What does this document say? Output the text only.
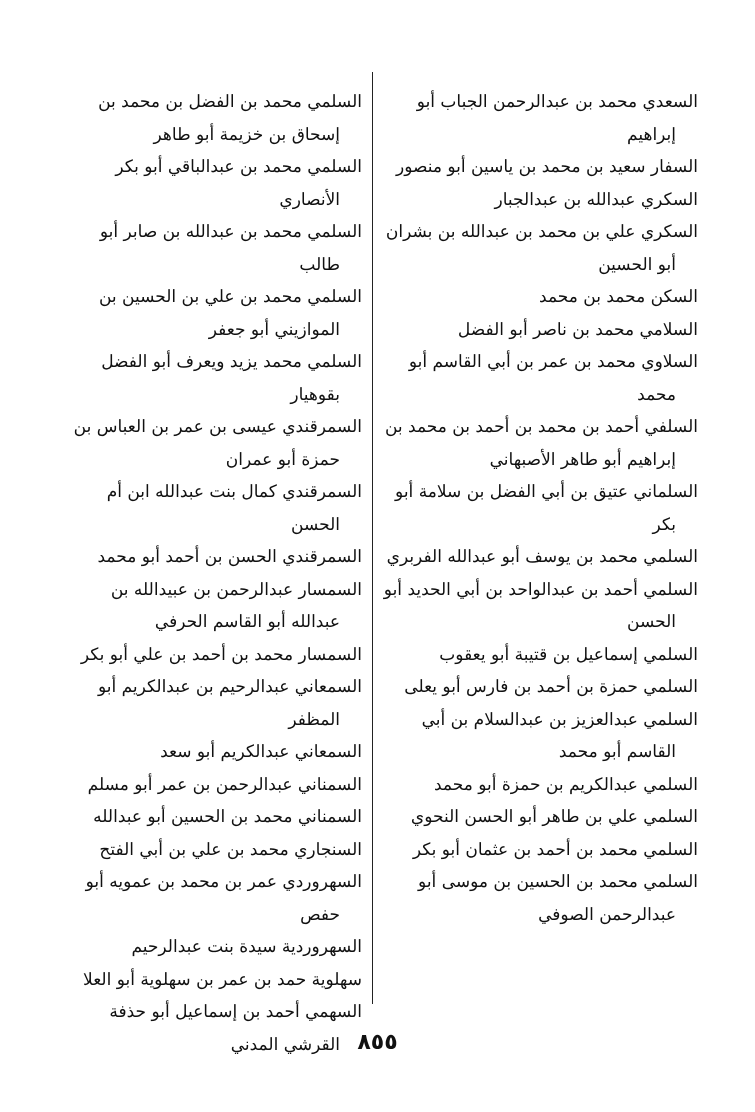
السعدي محمد بن عبدالرحمن الجباب أبو إبراهيم

السفار سعيد بن محمد بن ياسين أبو منصور

السكري عبدالله بن عبدالجبار

السكري علي بن محمد بن عبدالله بن بشران أبو الحسين

السكن محمد بن محمد

السلامي محمد بن ناصر أبو الفضل

السلاوي محمد بن عمر بن أبي القاسم أبو محمد

السلفي أحمد بن محمد بن أحمد بن محمد بن إبراهيم أبو طاهر الأصبهاني

السلماني عتيق بن أبي الفضل بن سلامة أبو بكر

السلمي محمد بن يوسف أبو عبدالله الفربري

السلمي أحمد بن عبدالواحد بن أبي الحديد أبو الحسن

السلمي إسماعيل بن قتيبة أبو يعقوب

السلمي حمزة بن أحمد بن فارس أبو يعلى

السلمي عبدالعزيز بن عبدالسلام بن أبي القاسم أبو محمد

السلمي عبدالكريم بن حمزة أبو محمد

السلمي علي بن طاهر أبو الحسن النحوي

السلمي محمد بن أحمد بن عثمان أبو بكر

السلمي محمد بن الحسين بن موسى أبو عبدالرحمن الصوفي

السلمي محمد بن الفضل بن محمد بن إسحاق بن خزيمة أبو طاهر

السلمي محمد بن عبدالباقي أبو بكر الأنصاري

السلمي محمد بن عبدالله بن صابر أبو طالب

السلمي محمد بن علي بن الحسين بن الموازيني أبو جعفر

السلمي محمد يزيد ويعرف أبو الفضل بقوهيار

السمرقندي عيسى بن عمر بن العباس بن حمزة أبو عمران

السمرقندي كمال بنت عبدالله ابن أم الحسن

السمرقندي الحسن بن أحمد أبو محمد

السمسار عبدالرحمن بن عبيدالله بن عبدالله أبو القاسم الحرفي

السمسار محمد بن أحمد بن علي أبو بكر

السمعاني عبدالرحيم بن عبدالكريم أبو المظفر

السمعاني عبدالكريم أبو سعد

السمناني عبدالرحمن بن عمر أبو مسلم

السمناني محمد بن الحسين أبو عبدالله

السنجاري محمد بن علي بن أبي الفتح

السهروردي عمر بن محمد بن عمويه أبو حفص

السهروردية سيدة بنت عبدالرحيم

سهلوية حمد بن عمر بن سهلوية أبو العلا

السهمي أحمد بن إسماعيل أبو حذفة القرشي المدني ٨٥٥
